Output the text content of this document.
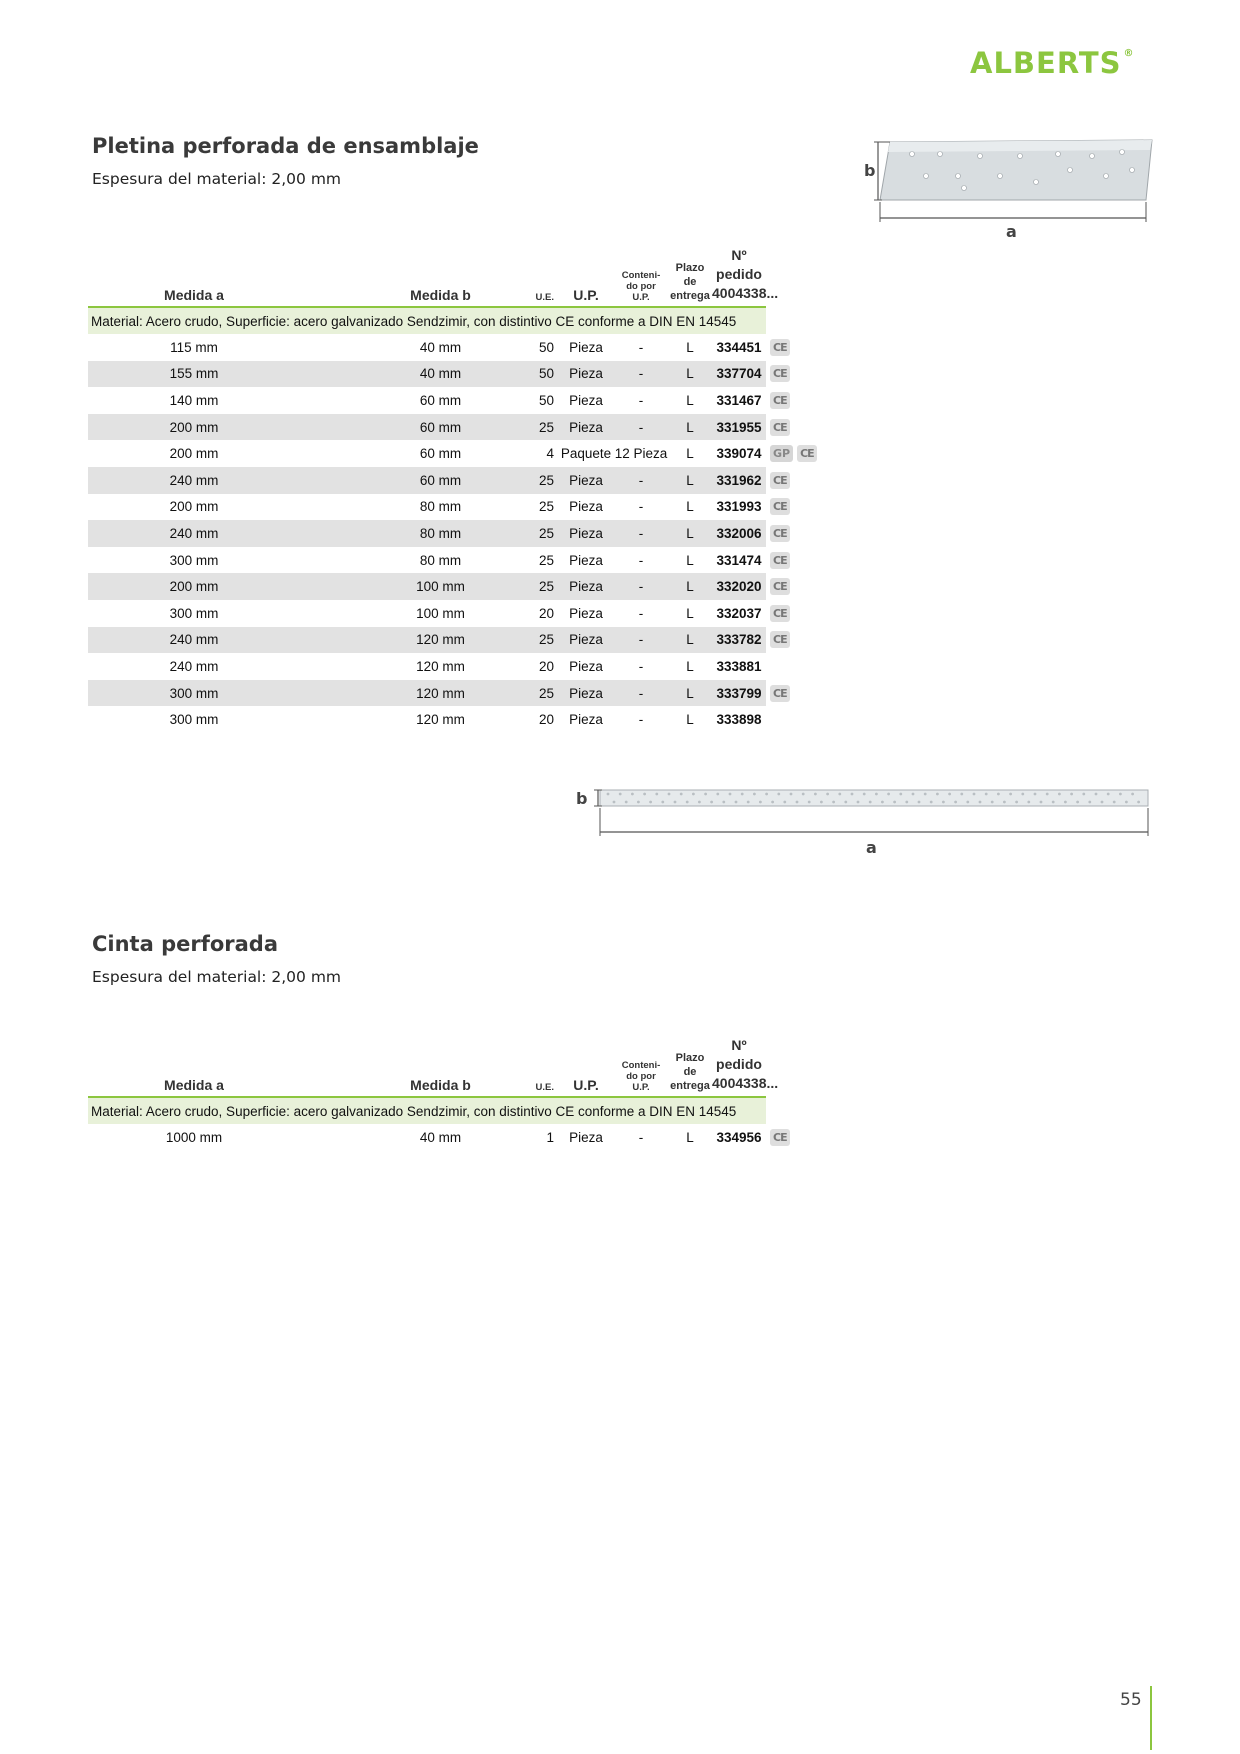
ALBERTS ®
Pletina perforada de ensamblaje
Espesura del material: 2,00 mm	b
a
	Medida a		Medida b	U.E.	U.P.	Conteni-
do por
U.P.	Plazo de
entrega	Nº pedido
4004338...	
Material: Acero crudo, Superficie: acero galvanizado Sendzimir, con distintivo CE conforme a DIN EN 14545									
	115 mm		40 mm	50	Pieza	-	L	334451	CE
	155 mm		40 mm	50	Pieza	-	L	337704	CE
	140 mm		60 mm	50	Pieza	-	L	331467	CE
	200 mm		60 mm	25	Pieza	-	L	331955	CE
	200 mm		60 mm	4	Paquete	12 Pieza	L	339074	GP CE
	240 mm		60 mm	25	Pieza	-	L	331962	CE
	200 mm		80 mm	25	Pieza	-	L	331993	CE
	240 mm		80 mm	25	Pieza	-	L	332006	CE
	300 mm		80 mm	25	Pieza	-	L	331474	CE
	200 mm		100 mm	25	Pieza	-	L	332020	CE
	300 mm		100 mm	20	Pieza	-	L	332037	CE
	240 mm		120 mm	25	Pieza	-	L	333782	CE
	240 mm		120 mm	20	Pieza	-	L	333881	
	300 mm		120 mm	25	Pieza	-	L	333799	CE
	300 mm		120 mm	20	Pieza	-	L	333898	
b
a
Cinta perforada
Espesura del material: 2,00 mm
	Medida a		Medida b	U.E.	U.P.	Conteni-
do por
U.P.	Plazo de
entrega	Nº pedido
4004338...	
Material: Acero crudo, Superficie: acero galvanizado Sendzimir, con distintivo CE conforme a DIN EN 14545									
	1000 mm		40 mm	1	Pieza	-	L	334956	CE
55
